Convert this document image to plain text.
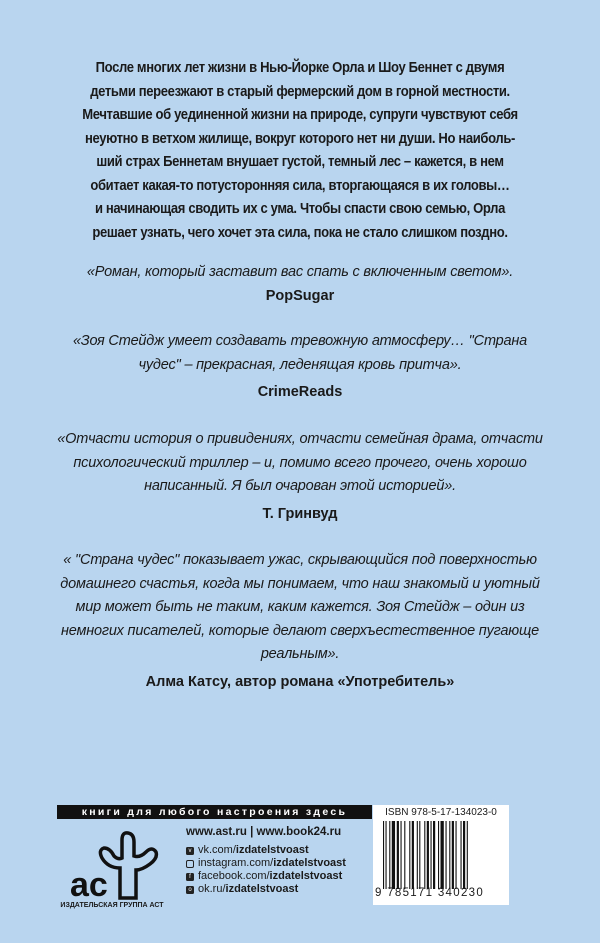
После многих лет жизни в Нью-Йорке Орла и Шоу Беннет с двумя
детьми переезжают в старый фермерский дом в горной местности.
Мечтавшие об уединенной жизни на природе, супруги чувствуют себя
неуютно в ветхом жилище, вокруг которого нет ни души. Но наиболь-
ший страх Беннетам внушает густой, темный лес – кажется, в нем
обитает какая-то потусторонняя сила, вторгающаяся в их головы…
и начинающая сводить их с ума. Чтобы спасти свою семью, Орла
решает узнать, чего хочет эта сила, пока не стало слишком поздно.
«Роман, который заставит вас спать с включенным светом».
PopSugar
«Зоя Стейдж умеет создавать тревожную атмосферу… ''Страна
чудес'' – прекрасная, леденящая кровь притча».
CrimeReads
«Отчасти история о привидениях, отчасти семейная драма, отчасти
психологический триллер – и, помимо всего прочего, очень хорошо
написанный. Я был очарован этой историей».
Т. Гринвуд
« ''Страна чудес'' показывает ужас, скрывающийся под поверхностью
домашнего счастья, когда мы понимаем, что наш знакомый и уютный
мир может быть не таким, каким кажется. Зоя Стейдж – один из
немногих писателей, которые делают сверхъестественное пугающе
реальным».
Алма Катсу, автор романа «Употребитель»
книги для любого настроения здесь
ac
ИЗДАТЕЛЬСКАЯ ГРУППА АСТ
www.ast.ru | www.book24.ru
v vk.com/ izdatelstvoast
instagram.com/ izdatelstvoast
f facebook.com/ izdatelstvoast
o ok.ru/ izdatelstvoast
ISBN 978-5-17-134023-0
9 785171 340230
